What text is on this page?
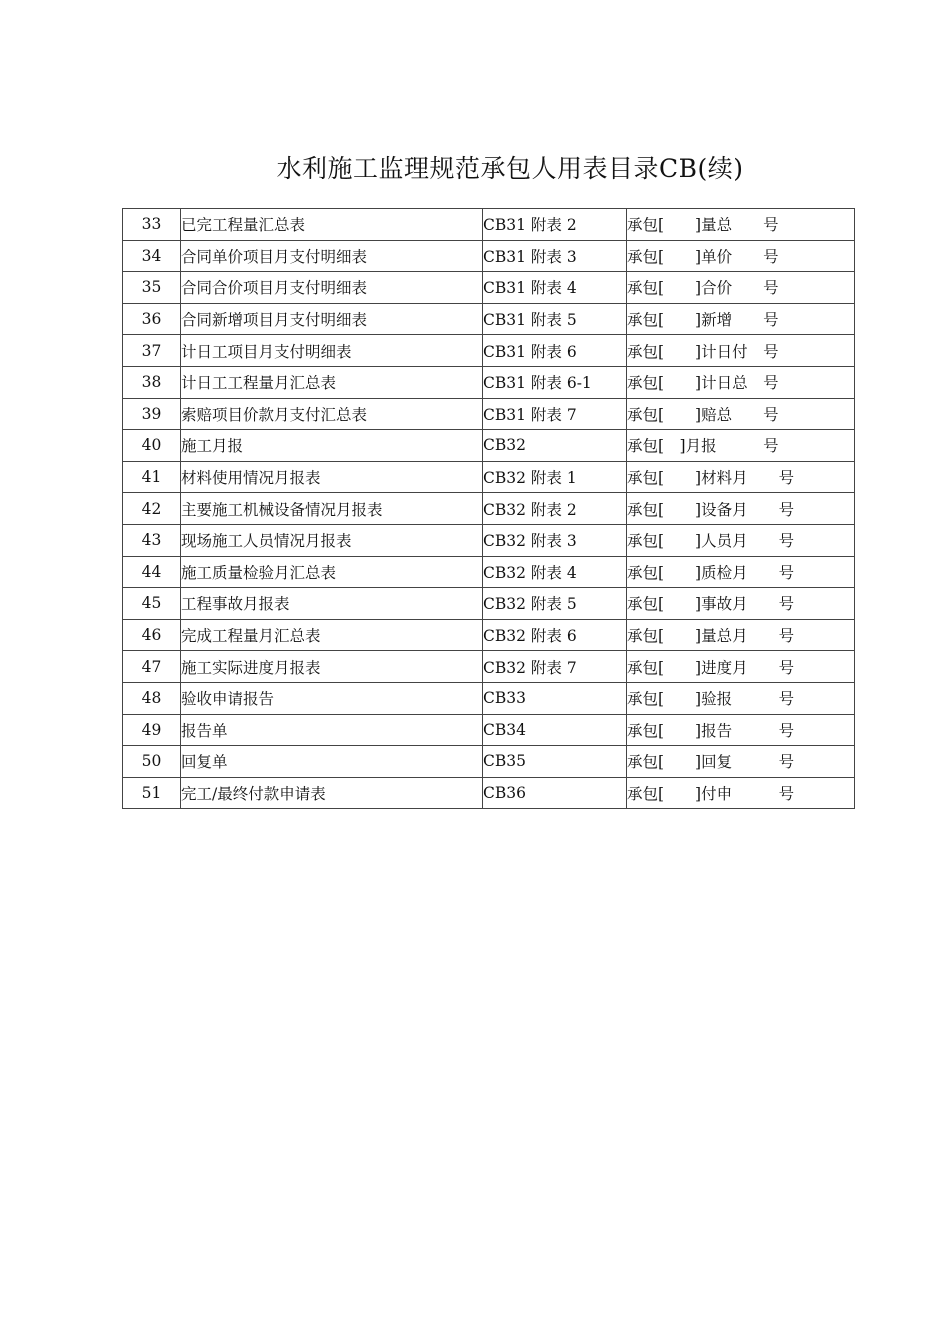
水利施工监理规范承包人用表目录CB(续)
33	已完工程量汇总表	CB31 附表 2	承包[　　]量总　　号
34	合同单价项目月支付明细表	CB31 附表 3	承包[　　]单价　　号
35	合同合价项目月支付明细表	CB31 附表 4	承包[　　]合价　　号
36	合同新增项目月支付明细表	CB31 附表 5	承包[　　]新增　　号
37	计日工项目月支付明细表	CB31 附表 6	承包[　　]计日付　号
38	计日工工程量月汇总表	CB31 附表 6-1	承包[　　]计日总　号
39	索赔项目价款月支付汇总表	CB31 附表 7	承包[　　]赔总　　号
40	施工月报	CB32	承包[　]月报　　　号
41	材料使用情况月报表	CB32 附表 1	承包[　　]材料月　　号
42	主要施工机械设备情况月报表	CB32 附表 2	承包[　　]设备月　　号
43	现场施工人员情况月报表	CB32 附表 3	承包[　　]人员月　　号
44	施工质量检验月汇总表	CB32 附表 4	承包[　　]质检月　　号
45	工程事故月报表	CB32 附表 5	承包[　　]事故月　　号
46	完成工程量月汇总表	CB32 附表 6	承包[　　]量总月　　号
47	施工实际进度月报表	CB32 附表 7	承包[　　]进度月　　号
48	验收申请报告	CB33	承包[　　]验报　　　号
49	报告单	CB34	承包[　　]报告　　　号
50	回复单	CB35	承包[　　]回复　　　号
51	完工/最终付款申请表	CB36	承包[　　]付申　　　号
